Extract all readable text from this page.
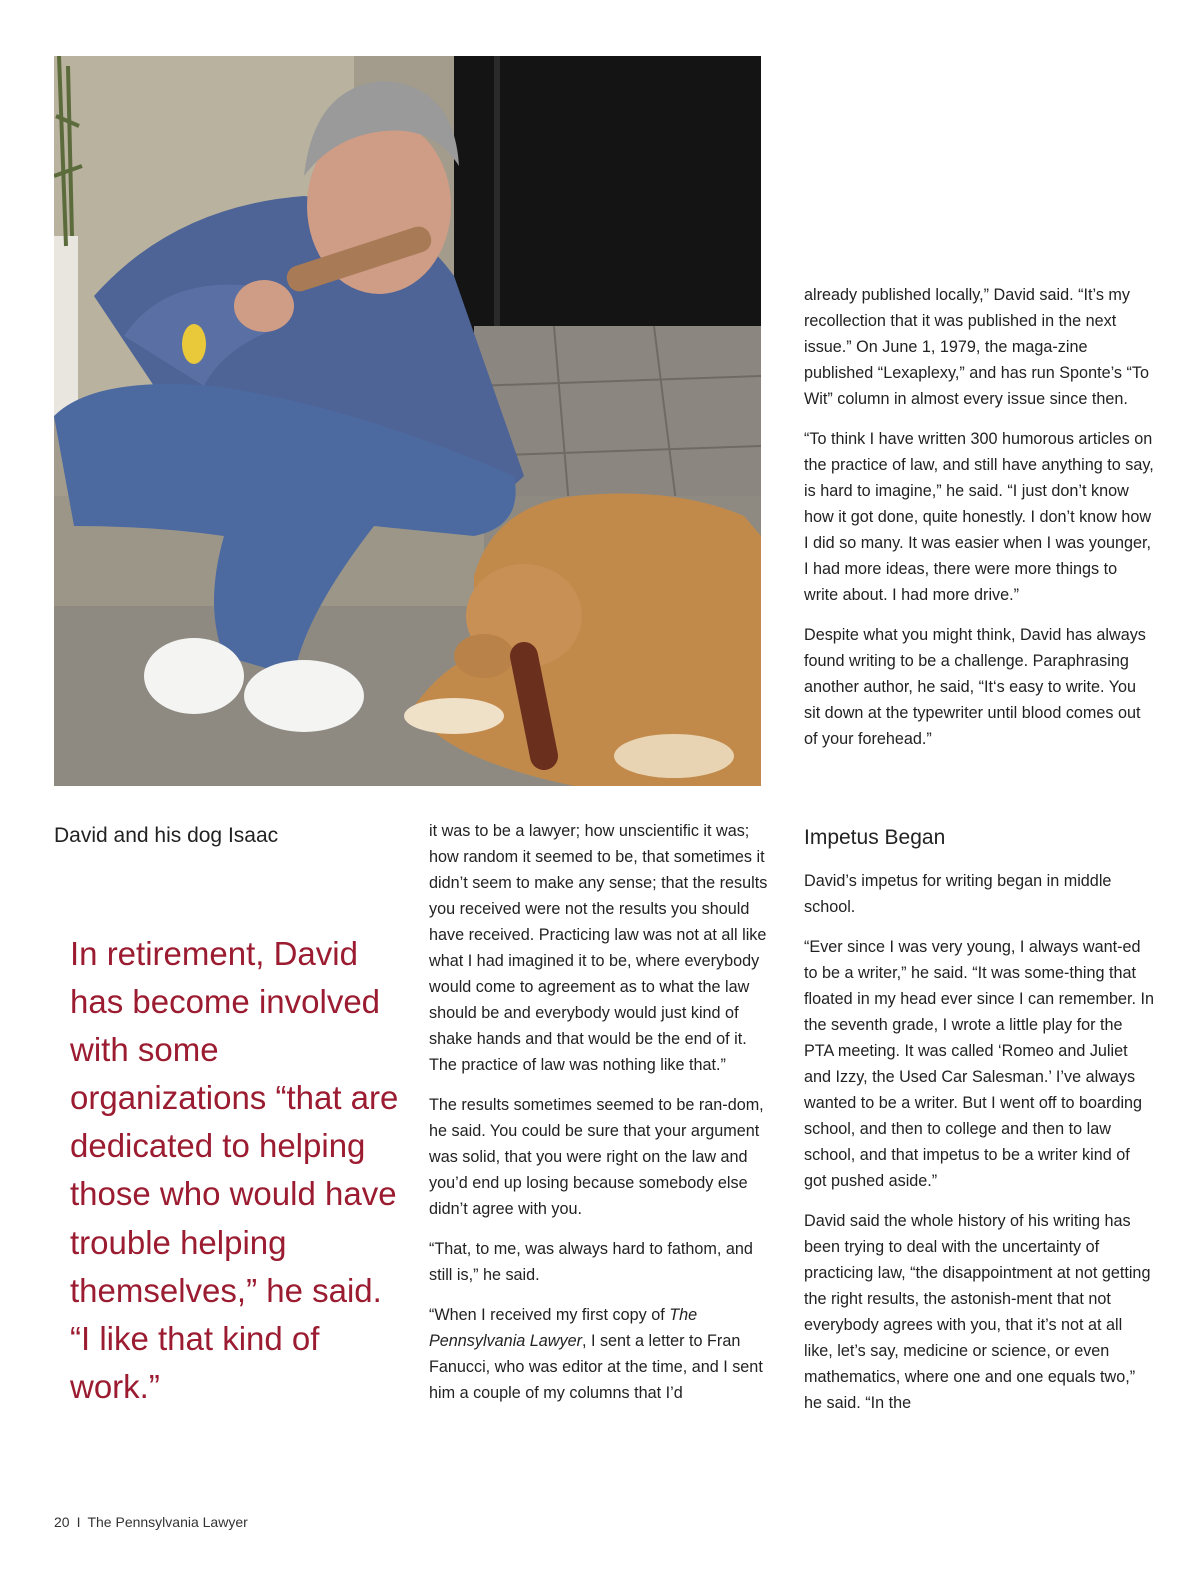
David and his dog Isaac
In retirement, David has become involved with some organizations “that are dedicated to helping those who would have trouble helping themselves,” he said. “I like that kind of work.”

it was to be a lawyer; how unscientific it was; how random it seemed to be, that sometimes it didn’t seem to make any sense; that the results you received were not the results you should have received. Practicing law was not at all like what I had imagined it to be, where everybody would come to agreement as to what the law should be and everybody would just kind of shake hands and that would be the end of it. The practice of law was nothing like that.”

The results sometimes seemed to be ran-dom, he said. You could be sure that your argument was solid, that you were right on the law and you’d end up losing because somebody else didn’t agree with you.

“That, to me, was always hard to fathom, and still is,” he said.

“When I received my first copy of The Pennsylvania Lawyer, I sent a letter to Fran Fanucci, who was editor at the time, and I sent him a couple of my columns that I’d

already published locally,” David said. “It’s my recollection that it was published in the next issue.” On June 1, 1979, the maga-zine published “Lexaplexy,” and has run Sponte’s “To Wit” column in almost every issue since then.

“To think I have written 300 humorous articles on the practice of law, and still have anything to say, is hard to imagine,” he said. “I just don’t know how it got done, quite honestly. I don’t know how I did so many. It was easier when I was younger, I had more ideas, there were more things to write about. I had more drive.”

Despite what you might think, David has always found writing to be a challenge. Paraphrasing another author, he said, “It‘s easy to write. You sit down at the typewriter until blood comes out of your forehead.”

Impetus Began

David’s impetus for writing began in middle school.

“Ever since I was very young, I always want-ed to be a writer,” he said. “It was some-thing that floated in my head ever since I can remember. In the seventh grade, I wrote a little play for the PTA meeting. It was called ‘Romeo and Juliet and Izzy, the Used Car Salesman.’ I’ve always wanted to be a writer. But I went off to boarding school, and then to college and then to law school, and that impetus to be a writer kind of got pushed aside.”

David said the whole history of his writing has been trying to deal with the uncertainty of practicing law, “the disappointment at not getting the right results, the astonish-ment that not everybody agrees with you, that it’s not at all like, let’s say, medicine or science, or even mathematics, where one and one equals two,” he said. “In the

20 I The Pennsylvania Lawyer
